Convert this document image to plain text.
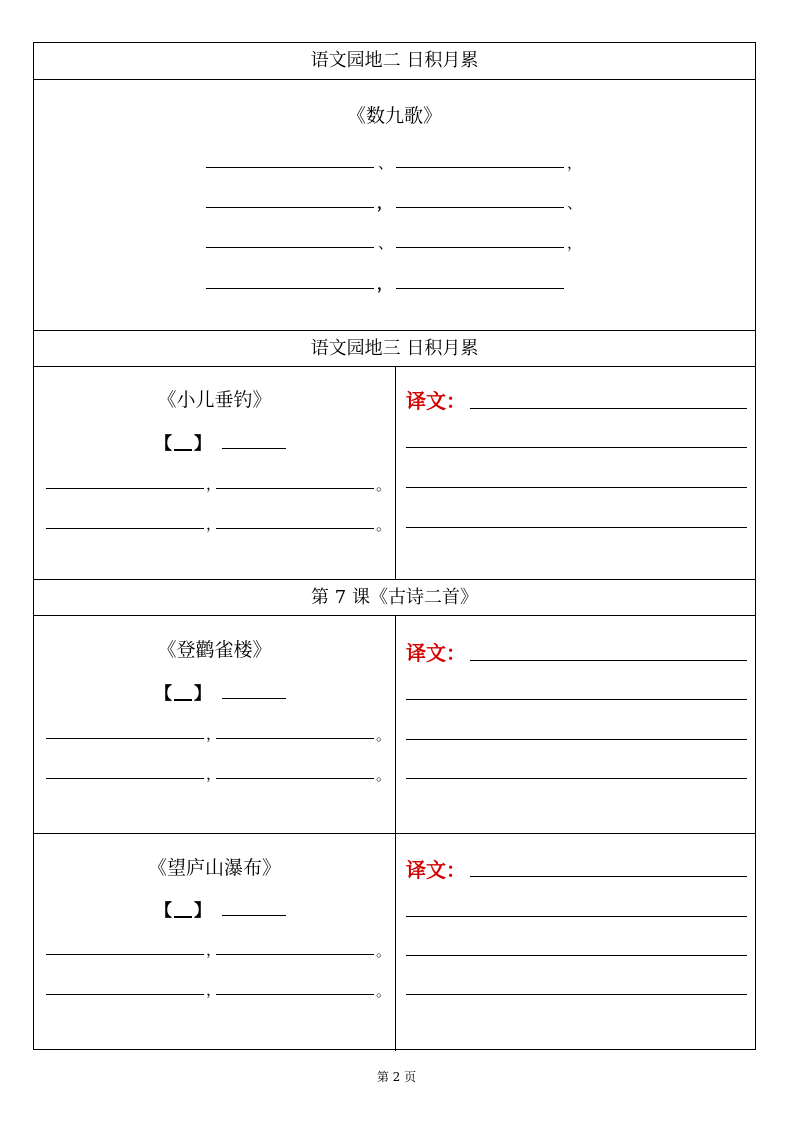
语文园地二 日积月累
《数九歌》
、	，
，	、
、	，
，
语文园地三 日积月累
《小儿垂钓》
【 】
，	。
，	。
译文：
第 7 课《古诗二首》
《登鹳雀楼》
【 】
，	。
，	。
译文：
《望庐山瀑布》
【 】
，	。
，	。
译文：
第 2 页
